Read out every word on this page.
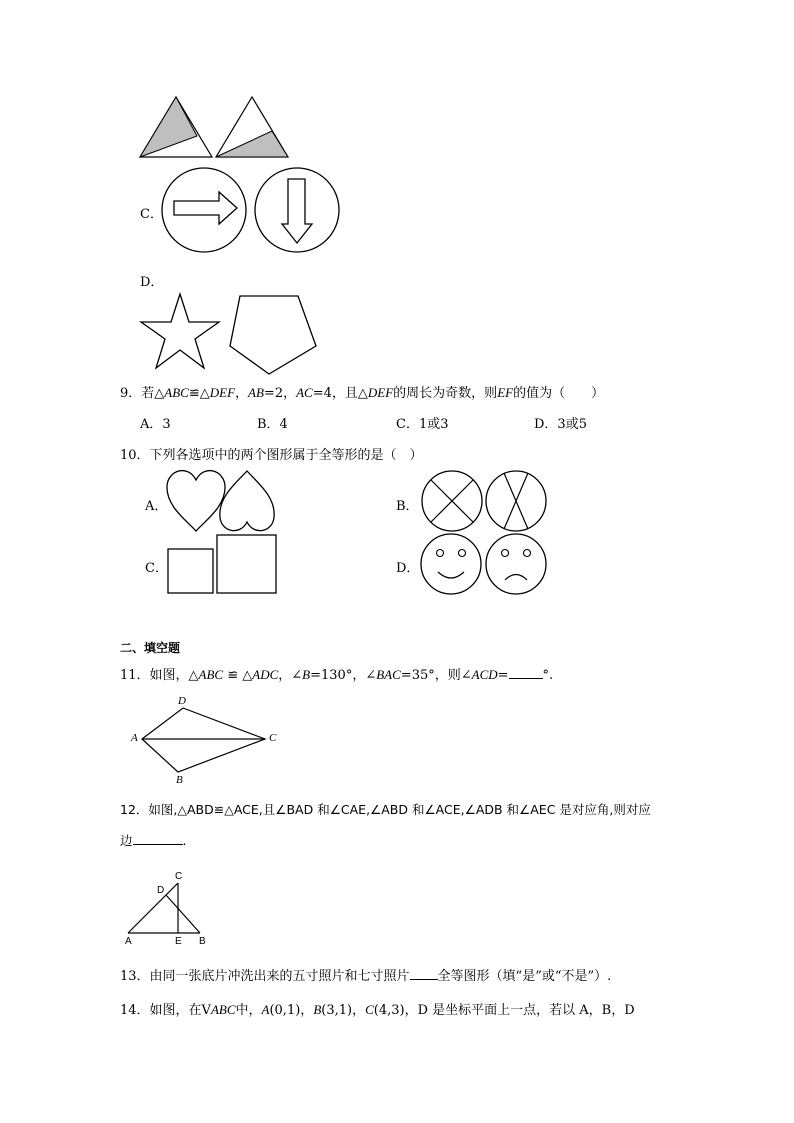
C．
D．
9．若△ABC≌△DEF，AB=2，AC=4，且△DEF的周长为奇数，则EF的值为（　　）
A．3	B．4	C．1或3	D．3或5
10．下列各选项中的两个图形属于全等形的是（　）
A．	B．
C．	D．
二、填空题
11．如图，△ABC ≌ △ADC，∠B=130°，∠BAC=35°，则∠ACD=	°.
D
A	C
B
12．如图,△ABD≌△ACE,且∠BAD 和∠CAE,∠ABD 和∠ACE,∠ADB 和∠AEC 是对应角,则对应
边	.
C
D
A	E B
13．由同一张底片冲洗出来的五寸照片和七寸照片 全等图形（填“是”或“不是”）.
14．如图，在VABC中，A(0,1)，B(3,1)，C(4,3)，D 是坐标平面上一点，若以 A，B，D
